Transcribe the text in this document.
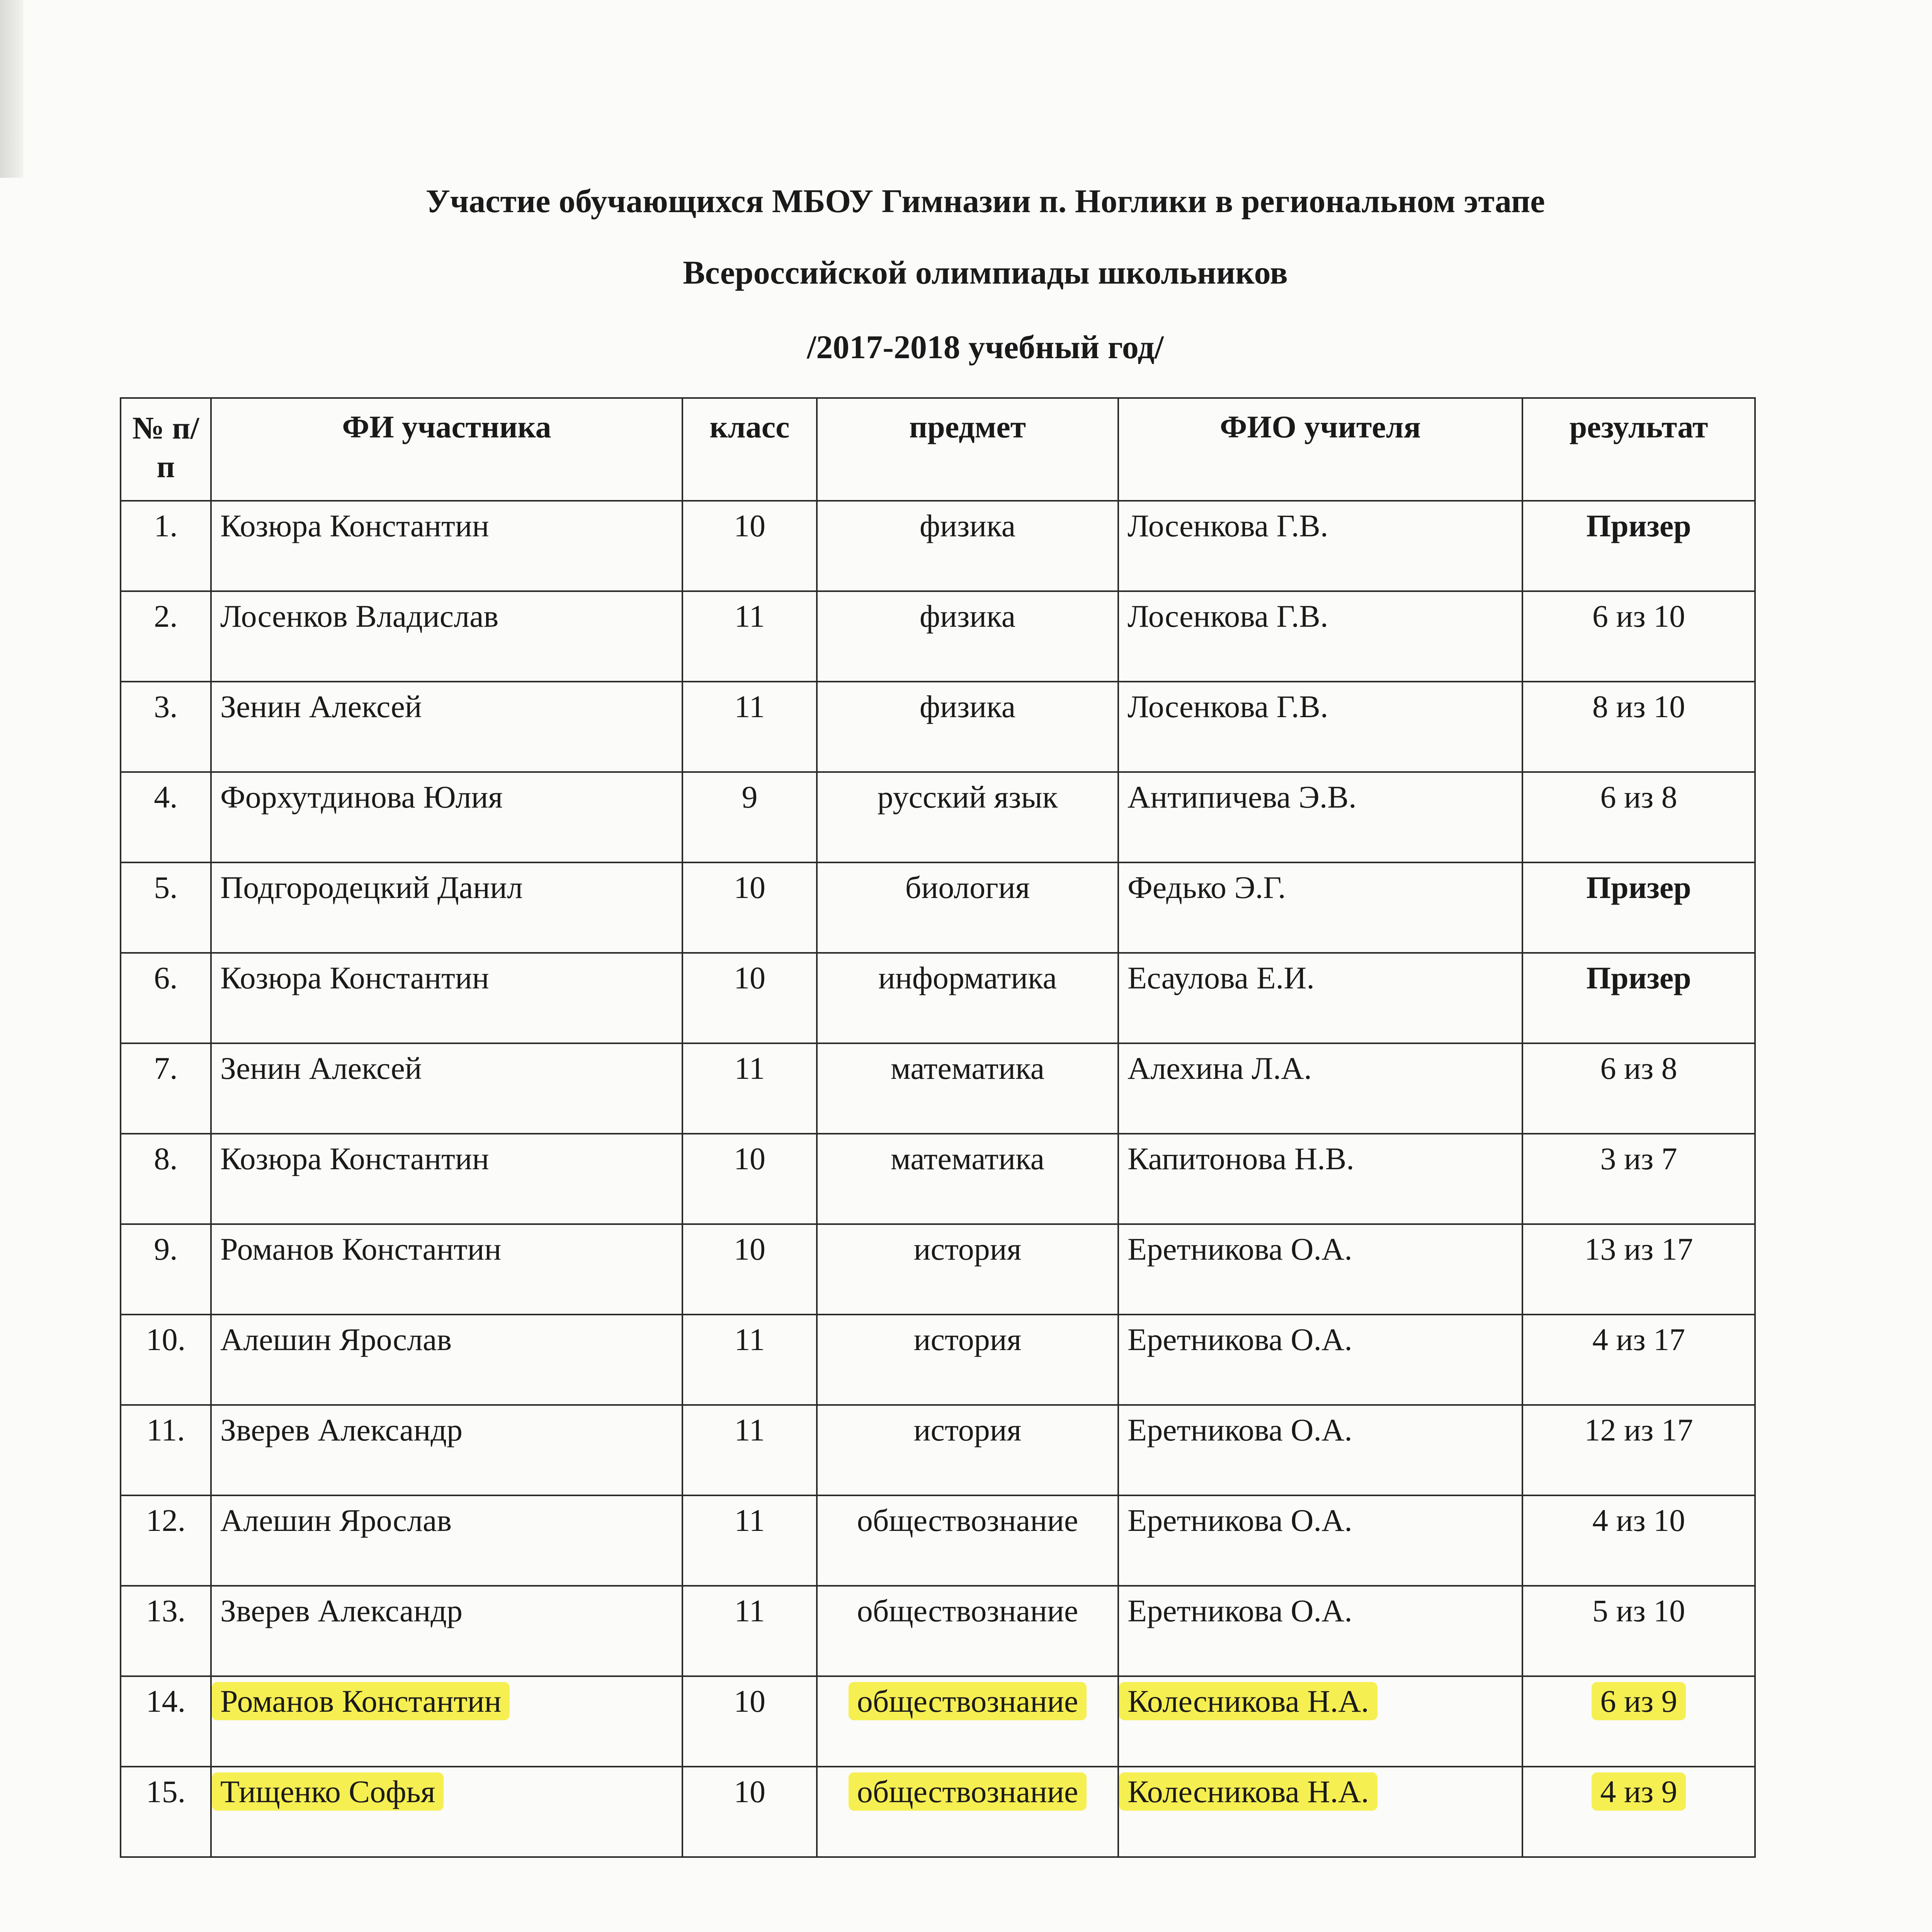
Участие обучающихся МБОУ Гимназии п. Ноглики в региональном этапе
Всероссийской олимпиады школьников
/2017-2018 учебный год/
№ п/п	ФИ участника	класс	предмет	ФИО учителя	результат
1.	Козюра Константин	10	физика	Лосенкова Г.В.	Призер
2.	Лосенков Владислав	11	физика	Лосенкова Г.В.	6 из 10
3.	Зенин Алексей	11	физика	Лосенкова Г.В.	8 из 10
4.	Форхутдинова Юлия	9	русский язык	Антипичева Э.В.	6 из 8
5.	Подгородецкий Данил	10	биология	Федько Э.Г.	Призер
6.	Козюра Константин	10	информатика	Есаулова Е.И.	Призер
7.	Зенин Алексей	11	математика	Алехина Л.А.	6 из 8
8.	Козюра Константин	10	математика	Капитонова Н.В.	3 из 7
9.	Романов Константин	10	история	Еретникова О.А.	13 из 17
10.	Алешин Ярослав	11	история	Еретникова О.А.	4 из 17
11.	Зверев Александр	11	история	Еретникова О.А.	12 из 17
12.	Алешин Ярослав	11	обществознание	Еретникова О.А.	4 из 10
13.	Зверев Александр	11	обществознание	Еретникова О.А.	5 из 10
14.	Романов Константин	10	обществознание	Колесникова Н.А.	6 из 9
15.	Тищенко Софья	10	обществознание	Колесникова Н.А.	4 из 9
